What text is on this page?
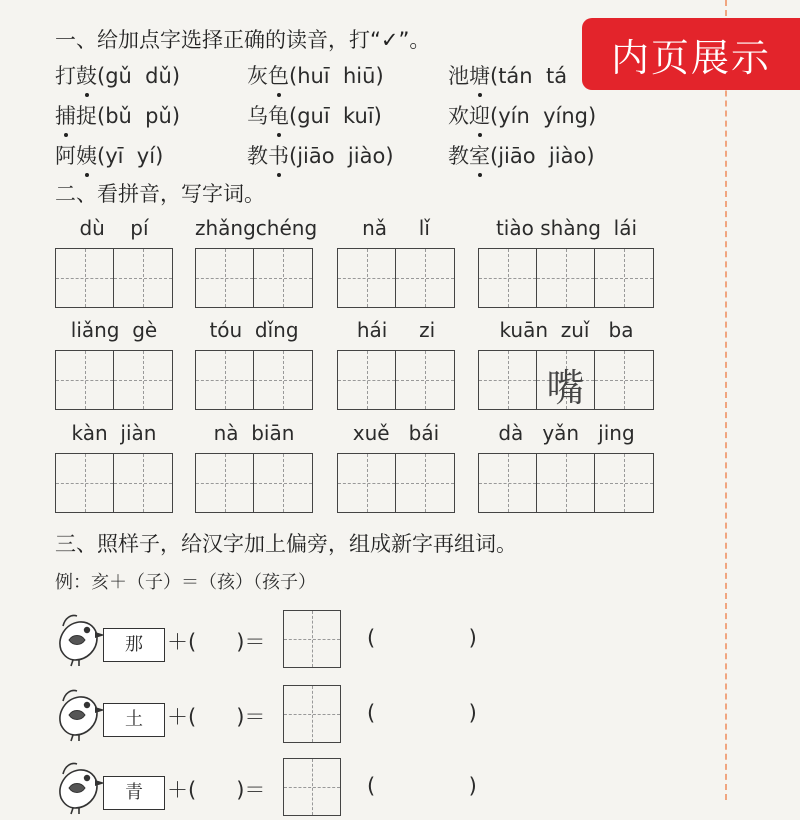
ㅤ
内页展示
一、给加点字选择正确的读音，打“✓”。
打鼓(gǔ  dǔ)	灰色(huī  hiū)	池塘(tán  tá
捕捉(bǔ  pǔ)	乌龟(guī  kuī)	欢迎(yín  yíng)
阿姨(yī  yí)	教书(jiāo  jiào)	教室(jiāo  jiào)
二、看拼音，写字词。
dù    pí	zhǎngchéng	nǎ     lǐ	tiào shàng  lái
liǎng  gè	tóu  dǐng	hái     zi	kuān  zuǐ   ba
嘴
kàn  jiàn	nà  biān	xuě   bái	dà   yǎn   jing
三、照样子，给汉字加上偏旁，组成新字再组词。
例：亥＋（子）＝（孩）（孩子）
那	＋(      )＝	(              )
土	＋(      )＝	(              )
青	＋(      )＝	(              )
